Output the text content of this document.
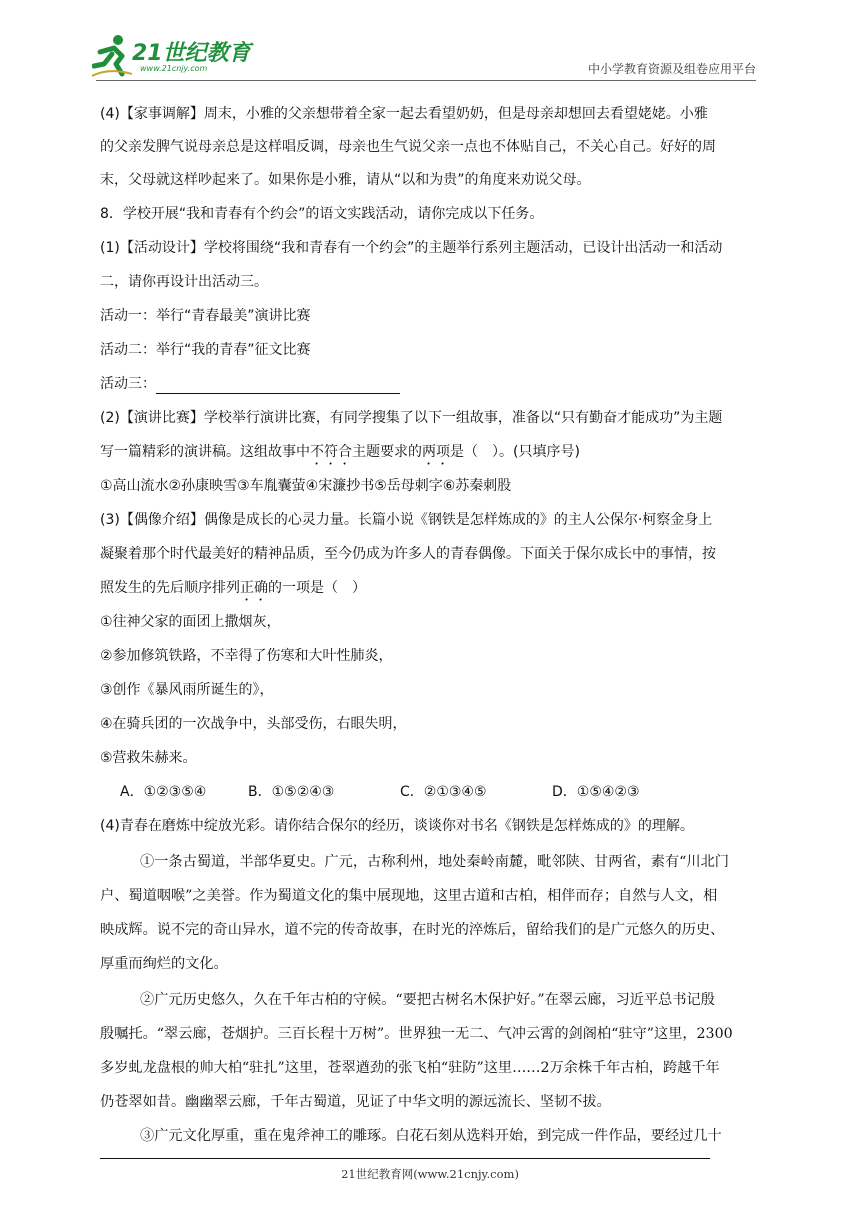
21世纪教育
www.21cnjy.com	中小学教育资源及组卷应用平台
(4)【家事调解】周末，小雅的父亲想带着全家一起去看望奶奶，但是母亲却想回去看望姥姥。小雅
的父亲发脾气说母亲总是这样唱反调，母亲也生气说父亲一点也不体贴自己，不关心自己。好好的周
末，父母就这样吵起来了。如果你是小雅，请从“以和为贵”的角度来劝说父母。
8．学校开展“我和青春有个约会”的语文实践活动，请你完成以下任务。
(1)【活动设计】学校将围绕“我和青春有一个约会”的主题举行系列主题活动，已设计出活动一和活动
二，请你再设计出活动三。
活动一：举行“青春最美”演讲比赛
活动二：举行“我的青春”征文比赛
活动三：
(2)【演讲比赛】学校举行演讲比赛，有同学搜集了以下一组故事，准备以“只有勤奋才能成功”为主题
写一篇精彩的演讲稿。这组故事中不符合主题要求的两项是（　）。(只填序号)
①高山流水②孙康映雪③车胤囊萤④宋濂抄书⑤岳母刺字⑥苏秦刺股
(3)【偶像介绍】偶像是成长的心灵力量。长篇小说《钢铁是怎样炼成的》的主人公保尔·柯察金身上
凝聚着那个时代最美好的精神品质，至今仍成为许多人的青春偶像。下面关于保尔成长中的事情，按
照发生的先后顺序排列正确的一项是（　）
①往神父家的面团上撒烟灰，
②参加修筑铁路，不幸得了伤寒和大叶性肺炎，
③创作《暴风雨所诞生的》，
④在骑兵团的一次战争中，头部受伤，右眼失明，
⑤营救朱赫来。
A．①②③⑤④	B．①⑤②④③	C．②①③④⑤	D．①⑤④②③
(4)青春在磨炼中绽放光彩。请你结合保尔的经历，谈谈你对书名《钢铁是怎样炼成的》的理解。
①一条古蜀道，半部华夏史。广元，古称利州，地处秦岭南麓，毗邻陕、甘两省，素有“川北门
户、蜀道咽喉”之美誉。作为蜀道文化的集中展现地，这里古道和古柏，相伴而存；自然与人文，相
映成辉。说不完的奇山异水，道不完的传奇故事，在时光的淬炼后，留给我们的是广元悠久的历史、
厚重而绚烂的文化。
②广元历史悠久，久在千年古柏的守候。“要把古树名木保护好。”在翠云廊，习近平总书记殷
殷嘱托。“翠云廊，苍烟护。三百长程十万树”。世界独一无二、气冲云霄的剑阁柏“驻守”这里，2300
多岁虬龙盘根的帅大柏“驻扎”这里，苍翠遒劲的张飞柏“驻防”这里……2万余株千年古柏，跨越千年
仍苍翠如昔。幽幽翠云廊，千年古蜀道，见证了中华文明的源远流长、坚韧不拔。
③广元文化厚重，重在鬼斧神工的雕琢。白花石刻从选料开始，到完成一件作品，要经过几十
21世纪教育网(www.21cnjy.com)
